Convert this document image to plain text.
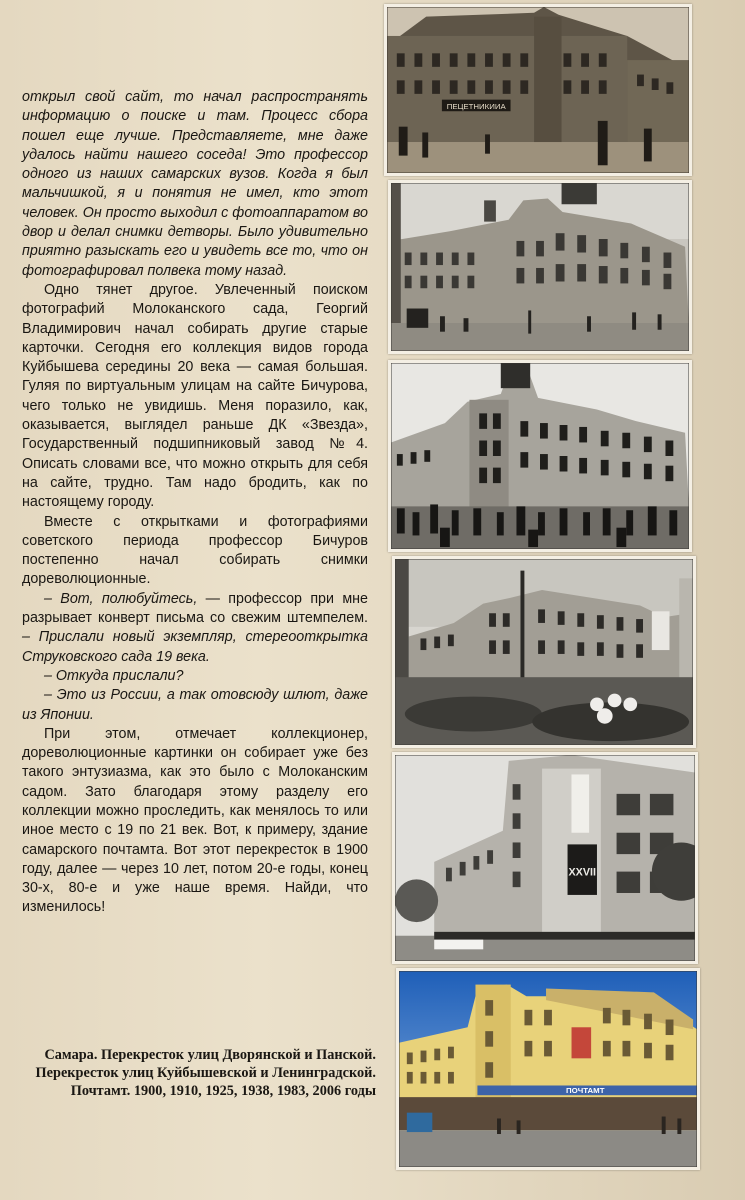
открыл свой сайт, то начал распространять информацию о поиске и там. Процесс сбора пошел еще лучше. Представляете, мне даже удалось найти нашего соседа! Это профессор одного из наших самарских вузов. Когда я был мальчишкой, я и понятия не имел, кто этот человек. Он просто выходил с фотоаппаратом во двор и делал снимки детворы. Было удивительно приятно разыскать его и увидеть все то, что он фотографировал полвека тому назад.

Одно тянет другое. Увлеченный поиском фотографий Молоканского сада, Георгий Владимирович начал собирать другие старые карточки. Сегодня его коллекция видов города Куйбышева середины 20 века — самая большая. Гуляя по виртуальным улицам на сайте Бичурова, чего только не увидишь. Меня поразило, как, оказывается, выглядел раньше ДК «Звезда», Государственный подшипниковый завод №4. Описать словами все, что можно открыть для себя на сайте, трудно. Там надо бродить, как по настоящему городу.

Вместе с открытками и фотографиями советского периода профессор Бичуров постепенно начал собирать снимки дореволюционные.

– Вот, полюбуйтесь, — профессор при мне разрывает конверт письма со свежим штемпелем. – Прислали новый экземпляр, стереооткрытка Струковского сада 19 века.

– Откуда прислали?

– Это из России, а так отовсюду шлют, даже из Японии.

При этом, отмечает коллекционер, дореволюционные картинки он собирает уже без такого энтузиазма, как это было с Молоканским садом. Зато благодаря этому разделу его коллекции можно проследить, как менялось то или иное место с 19 по 21 век. Вот, к примеру, здание самарского почтамта. Вот этот перекресток в 1900 году, далее — через 10 лет, потом 20-е годы, конец 30-х, 80-е и уже наше время. Найди, что изменилось!

Самара. Перекресток улиц Дворянской и Панской.
Перекресток улиц Куйбышевской и Ленинградской.
Почтамт. 1900, 1910, 1925, 1938, 1983, 2006 годы
ПЕЦЕТНИКИИА
XXVII
ПОЧТАМТ
